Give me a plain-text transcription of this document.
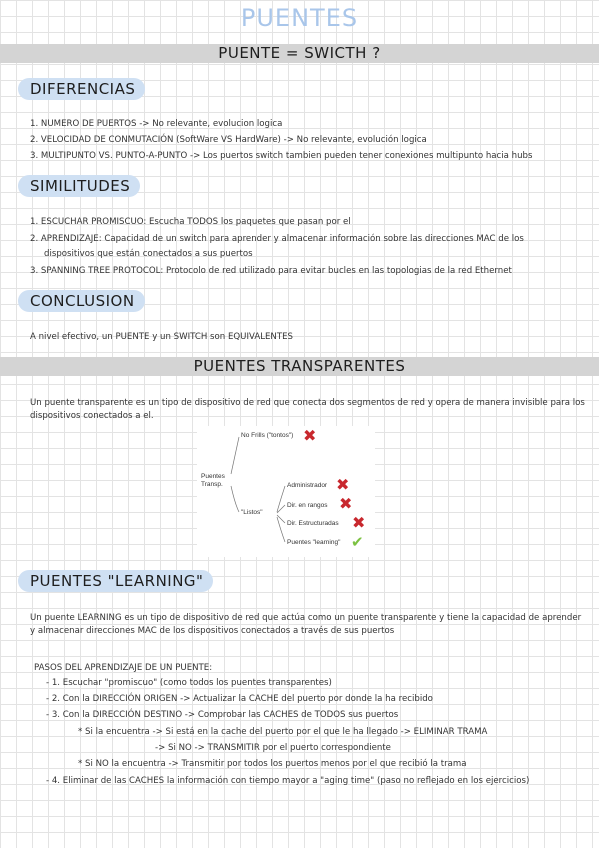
PUENTES
PUENTE = SWICTH ?
DIFERENCIAS
1. NUMERO DE PUERTOS -> No relevante, evolucion logica
2. VELOCIDAD DE CONMUTACIÓN (SoftWare VS HardWare) -> No relevante, evolución logica
3. MULTIPUNTO VS. PUNTO-A-PUNTO -> Los puertos switch tambien pueden tener conexiones multipunto hacia hubs
SIMILITUDES
1. ESCUCHAR PROMISCUO: Escucha TODOS los paquetes que pasan por el
2. APRENDIZAJE: Capacidad de un switch para aprender y almacenar información sobre las direcciones MAC de los
dispositivos que están conectados a sus puertos
3. SPANNING TREE PROTOCOL: Protocolo de red utilizado para evitar bucles en las topologias de la red Ethernet
CONCLUSION
A nivel efectivo, un PUENTE y un SWITCH son EQUIVALENTES
PUENTES TRANSPARENTES
Un puente transparente es un tipo de dispositivo de red que conecta dos segmentos de red y opera de manera invisible para los dispositivos conectados a el.
Puentes
Transp.
No Frills ("tontos") ✖
"Listos"
Administrador ✖
Dir. en rangos ✖
Dir. Estructuradas ✖
Puentes "learning" ✔
PUENTES "LEARNING"
Un puente LEARNING es un tipo de dispositivo de red que actúa como un puente transparente y tiene la capacidad de aprender y almacenar direcciones MAC de los dispositivos conectados a través de sus puertos
PASOS DEL APRENDIZAJE DE UN PUENTE:
- 1. Escuchar "promiscuo" (como todos los puentes transparentes)
- 2. Con la DIRECCIÓN ORIGEN -> Actualizar la CACHE del puerto por donde la ha recibido
- 3. Con la DIRECCIÓN DESTINO -> Comprobar las CACHES de TODOS sus puertos
* Si la encuentra -> Si está en la cache del puerto por el que le ha llegado -> ELIMINAR TRAMA
-> Si NO -> TRANSMITIR por el puerto correspondiente
* Si NO la encuentra -> Transmitir por todos los puertos menos por el que recibió la trama
- 4. Eliminar de las CACHES la información con tiempo mayor a "aging time" (paso no reflejado en los ejercicios)
